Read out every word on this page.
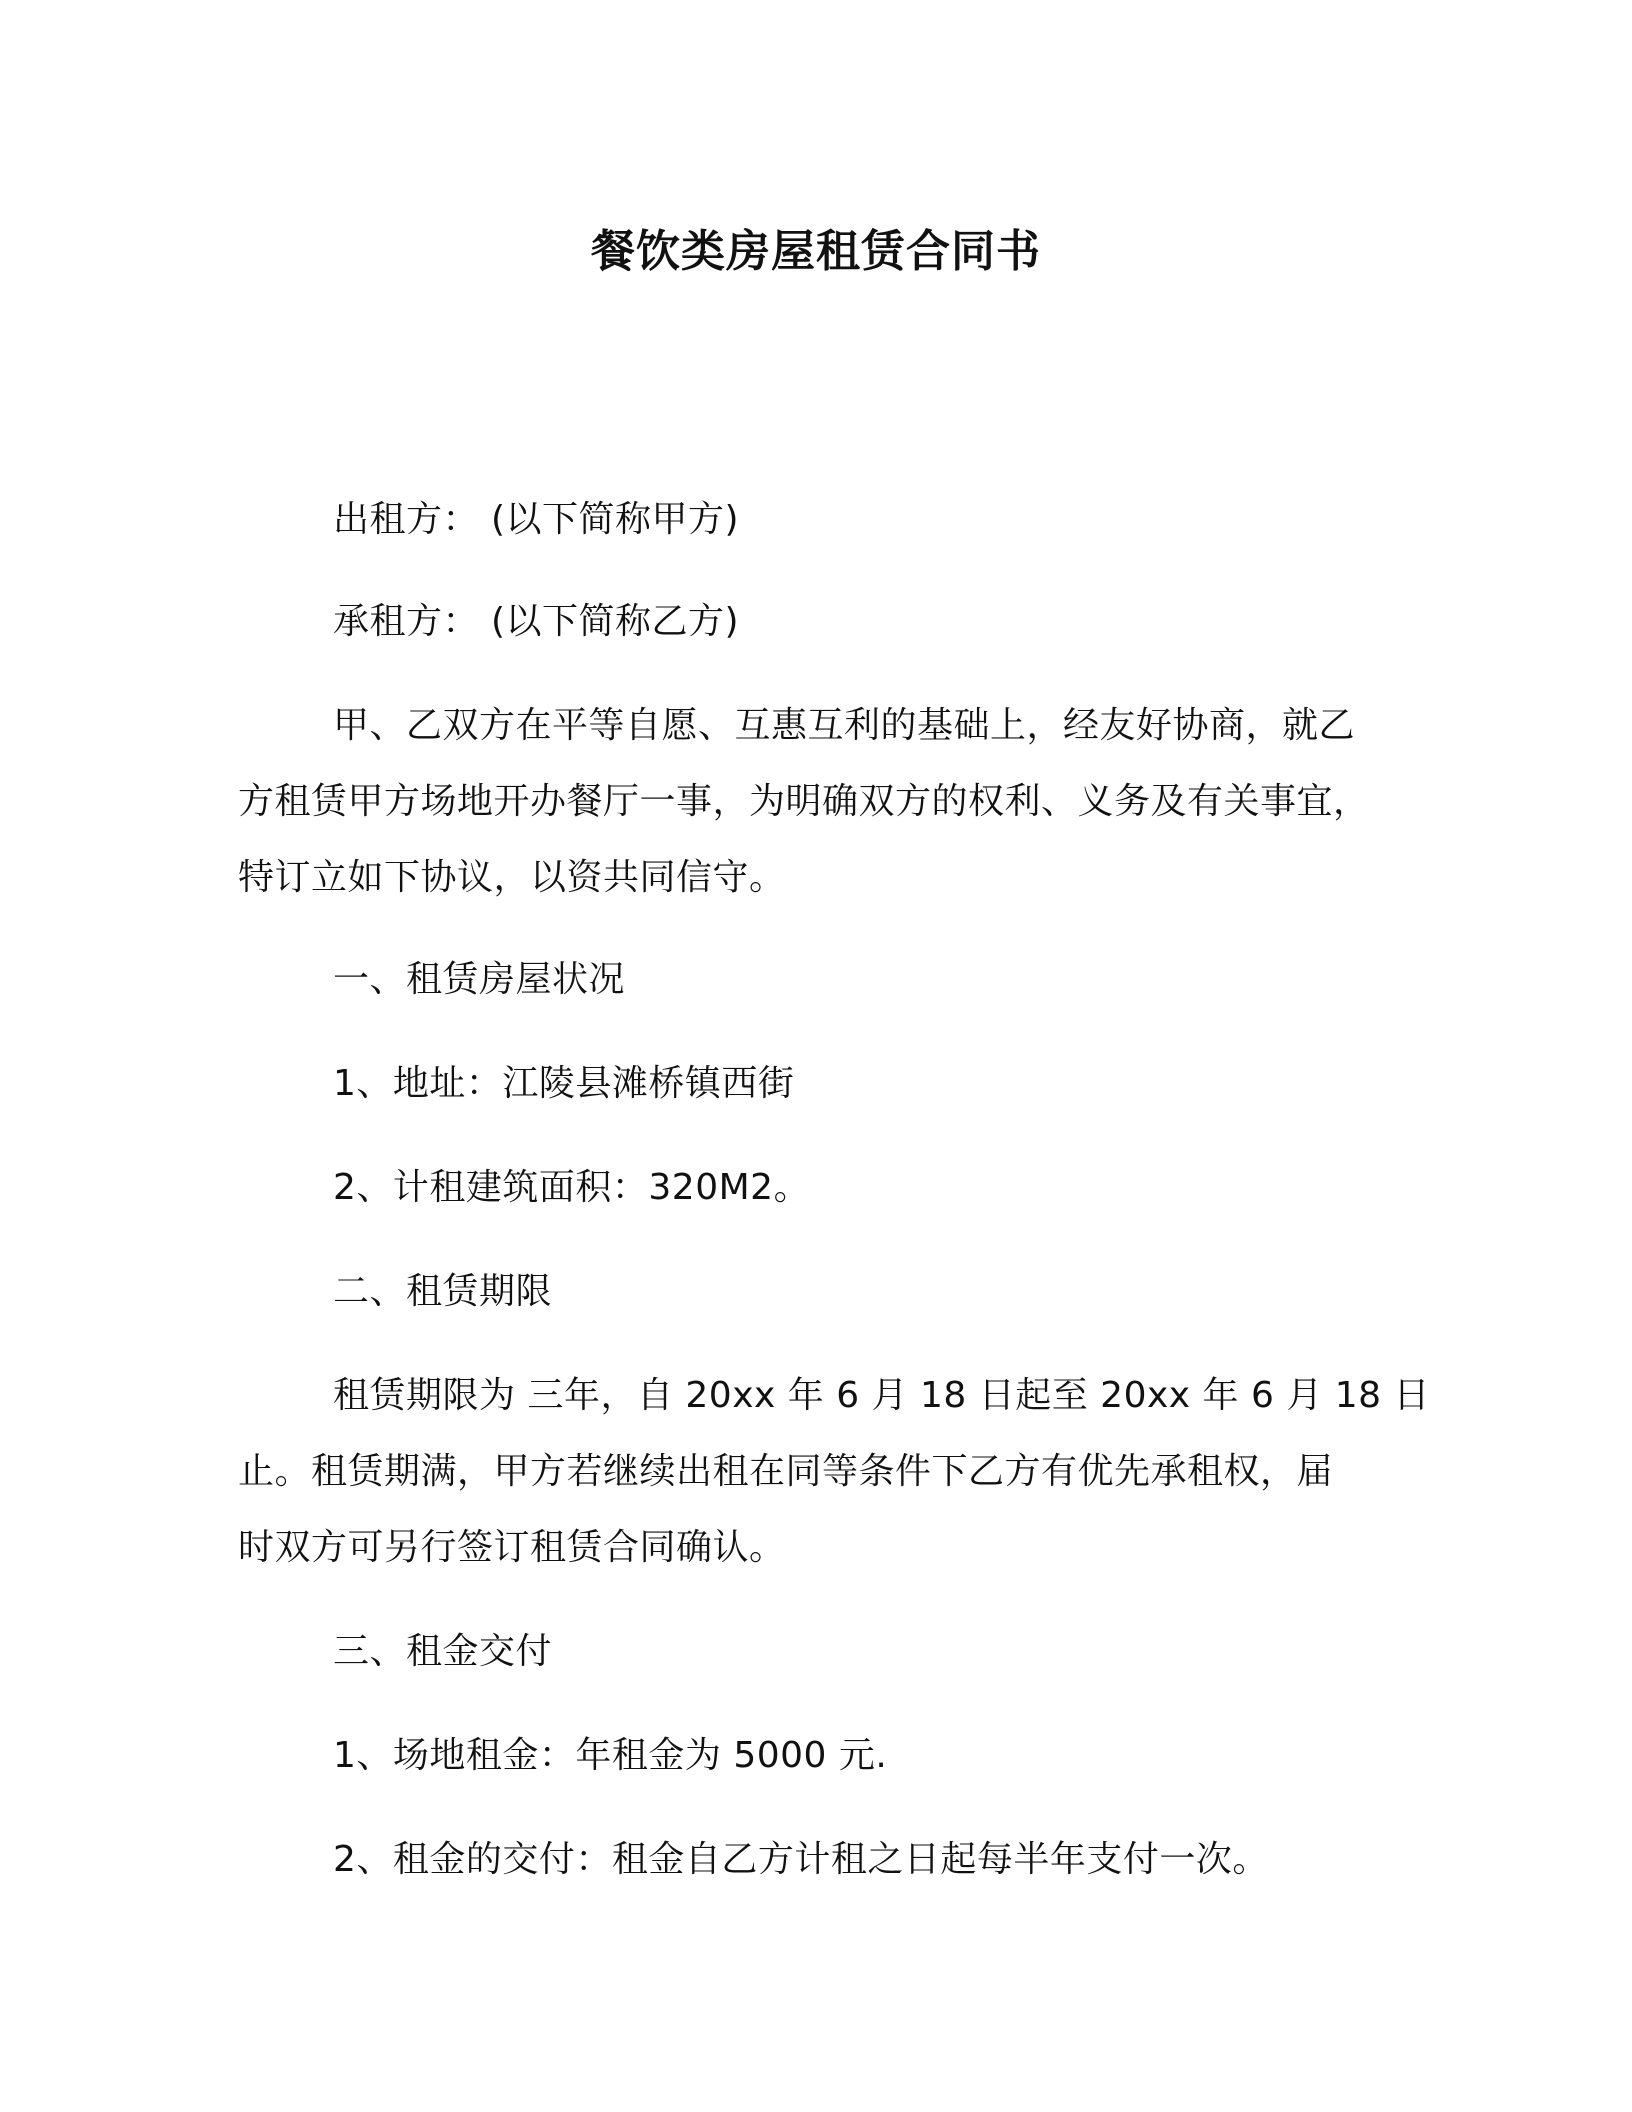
餐饮类房屋租赁合同书
出租方： (以下简称甲方)
承租方： (以下简称乙方)
甲、乙双方在平等自愿、互惠互利的基础上，经友好协商，就乙
方租赁甲方场地开办餐厅一事，为明确双方的权利、义务及有关事宜，
特订立如下协议，以资共同信守。
一、租赁房屋状况
1、地址：江陵县滩桥镇西街
2、计租建筑面积：320M2。
二、租赁期限
租赁期限为 三年，自 20xx 年 6 月 18 日起至 20xx 年 6 月 18 日
止。租赁期满，甲方若继续出租在同等条件下乙方有优先承租权，届
时双方可另行签订租赁合同确认。
三、租金交付
1、场地租金：年租金为 5000 元.
2、租金的交付：租金自乙方计租之日起每半年支付一次。
